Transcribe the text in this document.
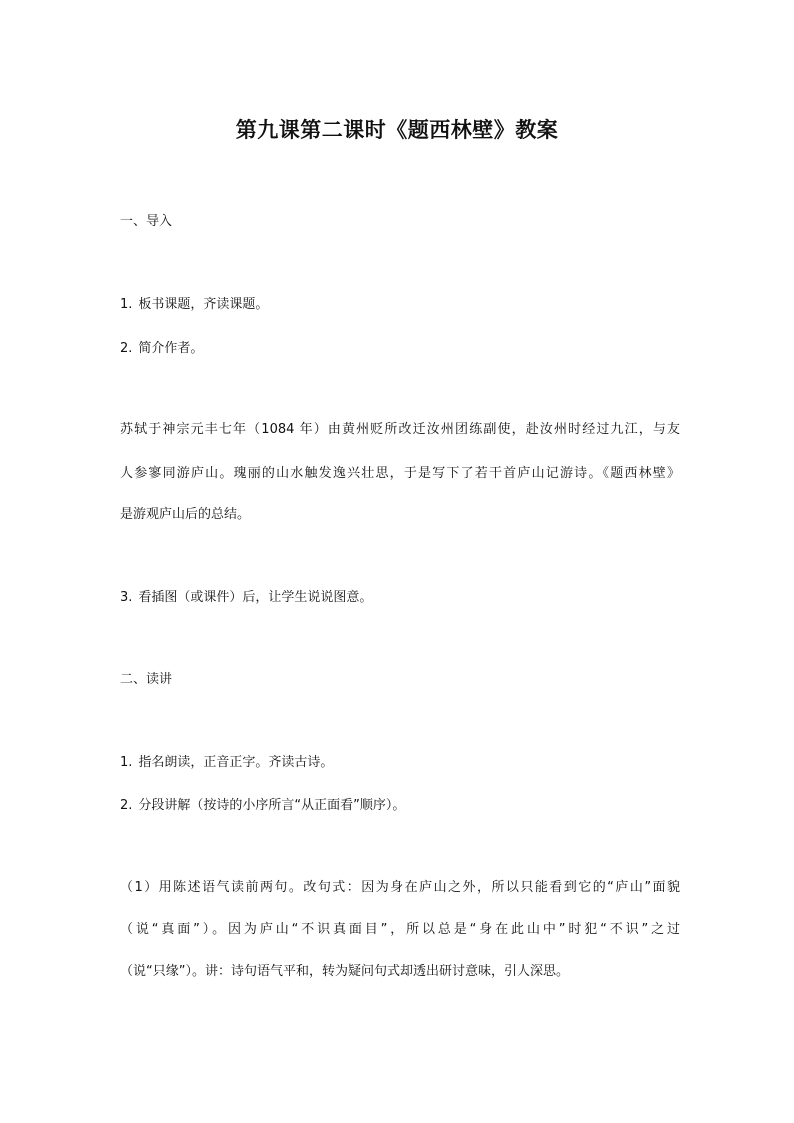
第九课第二课时《题西林壁》教案
一、导入
1. 板书课题，齐读课题。
2. 简介作者。
苏轼于神宗元丰七年（1084 年）由黄州贬所改迁汝州团练副使，赴汝州时经过九江，与友
人参寥同游庐山。瑰丽的山水触发逸兴壮思，于是写下了若干首庐山记游诗。《题西林壁》
是游观庐山后的总结。
3. 看插图（或课件）后，让学生说说图意。
二、读讲
1. 指名朗读，正音正字。齐读古诗。
2. 分段讲解（按诗的小序所言“从正面看”顺序）。
（1）用陈述语气读前两句。改句式：因为身在庐山之外，所以只能看到它的“庐山”面貌
（说“真面”）。因为庐山“不识真面目”，所以总是“身在此山中”时犯“不识”之过
（说“只缘”）。讲：诗句语气平和，转为疑问句式却透出研讨意味，引人深思。
